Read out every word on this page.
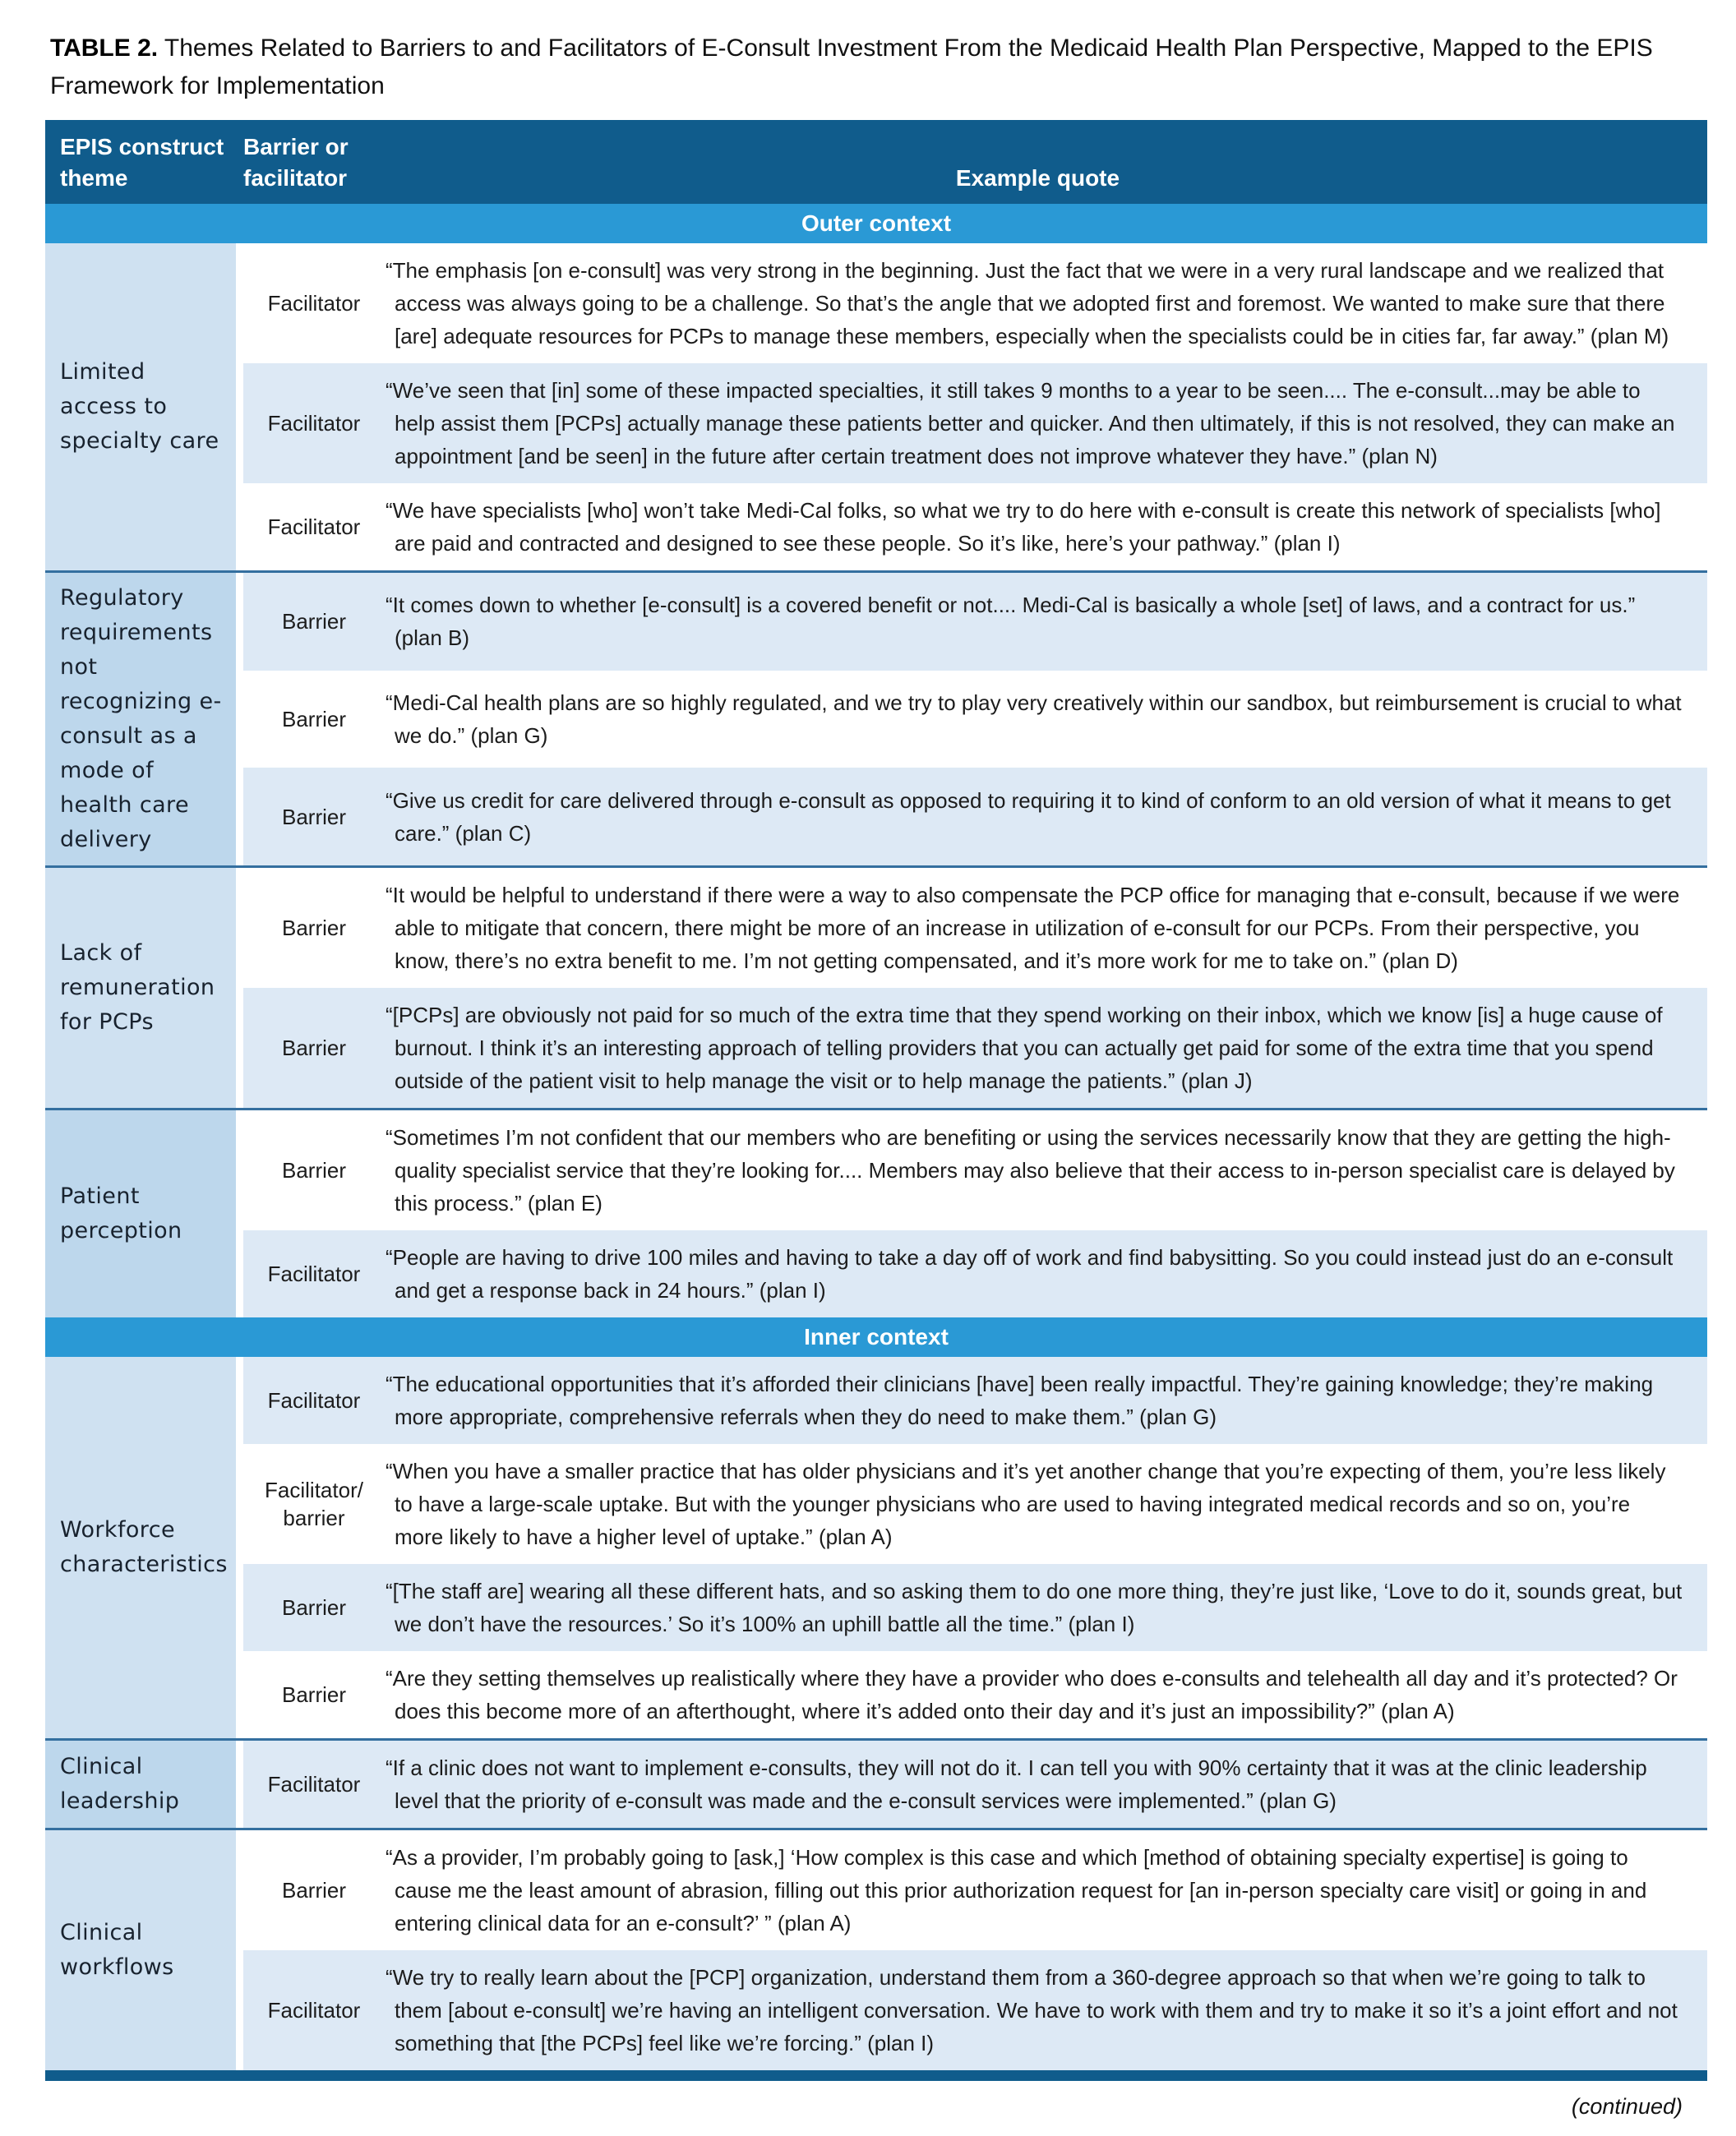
TABLE 2. Themes Related to Barriers to and Facilitators of E-Consult Investment From the Medicaid Health Plan Perspective, Mapped to the EPIS Framework for Implementation
EPIS construct theme
Barrier or facilitator	Example quote
Outer context
Limited access to specialty care
Facilitator
“The emphasis [on e-consult] was very strong in the beginning. Just the fact that we were in a very rural landscape and we realized that access was always going to be a challenge. So that’s the angle that we adopted first and foremost. We wanted to make sure that there [are] adequate resources for PCPs to manage these members, especially when the specialists could be in cities far, far away.” (plan M)
Facilitator
“We’ve seen that [in] some of these impacted specialties, it still takes 9 months to a year to be seen.... The e-consult...may be able to help assist them [PCPs] actually manage these patients better and quicker. And then ultimately, if this is not resolved, they can make an appointment [and be seen] in the future after certain treatment does not improve whatever they have.” (plan N)
Facilitator
“We have specialists [who] won’t take Medi-Cal folks, so what we try to do here with e-consult is create this network of specialists [who] are paid and contracted and designed to see these people. So it’s like, here’s your pathway.” (plan I)
Regulatory requirements not recognizing e-consult as a mode of health care delivery
Barrier
“It comes down to whether [e-consult] is a covered benefit or not.... Medi-Cal is basically a whole [set] of laws, and a contract for us.” (plan B)
Barrier
“Medi-Cal health plans are so highly regulated, and we try to play very creatively within our sandbox, but reimbursement is crucial to what we do.” (plan G)
Barrier
“Give us credit for care delivered through e-consult as opposed to requiring it to kind of conform to an old version of what it means to get care.” (plan C)
Lack of remuneration for PCPs
Barrier
“It would be helpful to understand if there were a way to also compensate the PCP office for managing that e-consult, because if we were able to mitigate that concern, there might be more of an increase in utilization of e-consult for our PCPs. From their perspective, you know, there’s no extra benefit to me. I’m not getting compensated, and it’s more work for me to take on.” (plan D)
Barrier
“[PCPs] are obviously not paid for so much of the extra time that they spend working on their inbox, which we know [is] a huge cause of burnout. I think it’s an interesting approach of telling providers that you can actually get paid for some of the extra time that you spend outside of the patient visit to help manage the visit or to help manage the patients.” (plan J)
Patient perception
Barrier
“Sometimes I’m not confident that our members who are benefiting or using the services necessarily know that they are getting the high-quality specialist service that they’re looking for.... Members may also believe that their access to in-person specialist care is delayed by this process.” (plan E)
Facilitator
“People are having to drive 100 miles and having to take a day off of work and find babysitting. So you could instead just do an e-consult and get a response back in 24 hours.” (plan I)
Inner context
Workforce characteristics
Facilitator
“The educational opportunities that it’s afforded their clinicians [have] been really impactful. They’re gaining knowledge; they’re making more appropriate, comprehensive referrals when they do need to make them.” (plan G)
Facilitator/ barrier
“When you have a smaller practice that has older physicians and it’s yet another change that you’re expecting of them, you’re less likely to have a large-scale uptake. But with the younger physicians who are used to having integrated medical records and so on, you’re more likely to have a higher level of uptake.” (plan A)
Barrier
“[The staff are] wearing all these different hats, and so asking them to do one more thing, they’re just like, ‘Love to do it, sounds great, but we don’t have the resources.’ So it’s 100% an uphill battle all the time.” (plan I)
Barrier
“Are they setting themselves up realistically where they have a provider who does e-consults and telehealth all day and it’s protected? Or does this become more of an afterthought, where it’s added onto their day and it’s just an impossibility?” (plan A)
Clinical leadership
Facilitator
“If a clinic does not want to implement e-consults, they will not do it. I can tell you with 90% certainty that it was at the clinic leadership level that the priority of e-consult was made and the e-consult services were implemented.” (plan G)
Clinical workflows
Barrier
“As a provider, I’m probably going to [ask,] ‘How complex is this case and which [method of obtaining specialty expertise] is going to cause me the least amount of abrasion, filling out this prior authorization request for [an in-person specialty care visit] or going in and entering clinical data for an e-consult?’ ” (plan A)
Facilitator
“We try to really learn about the [PCP] organization, understand them from a 360-degree approach so that when we’re going to talk to them [about e-consult] we’re having an intelligent conversation. We have to work with them and try to make it so it’s a joint effort and not something that [the PCPs] feel like we’re forcing.” (plan I)
(continued)
